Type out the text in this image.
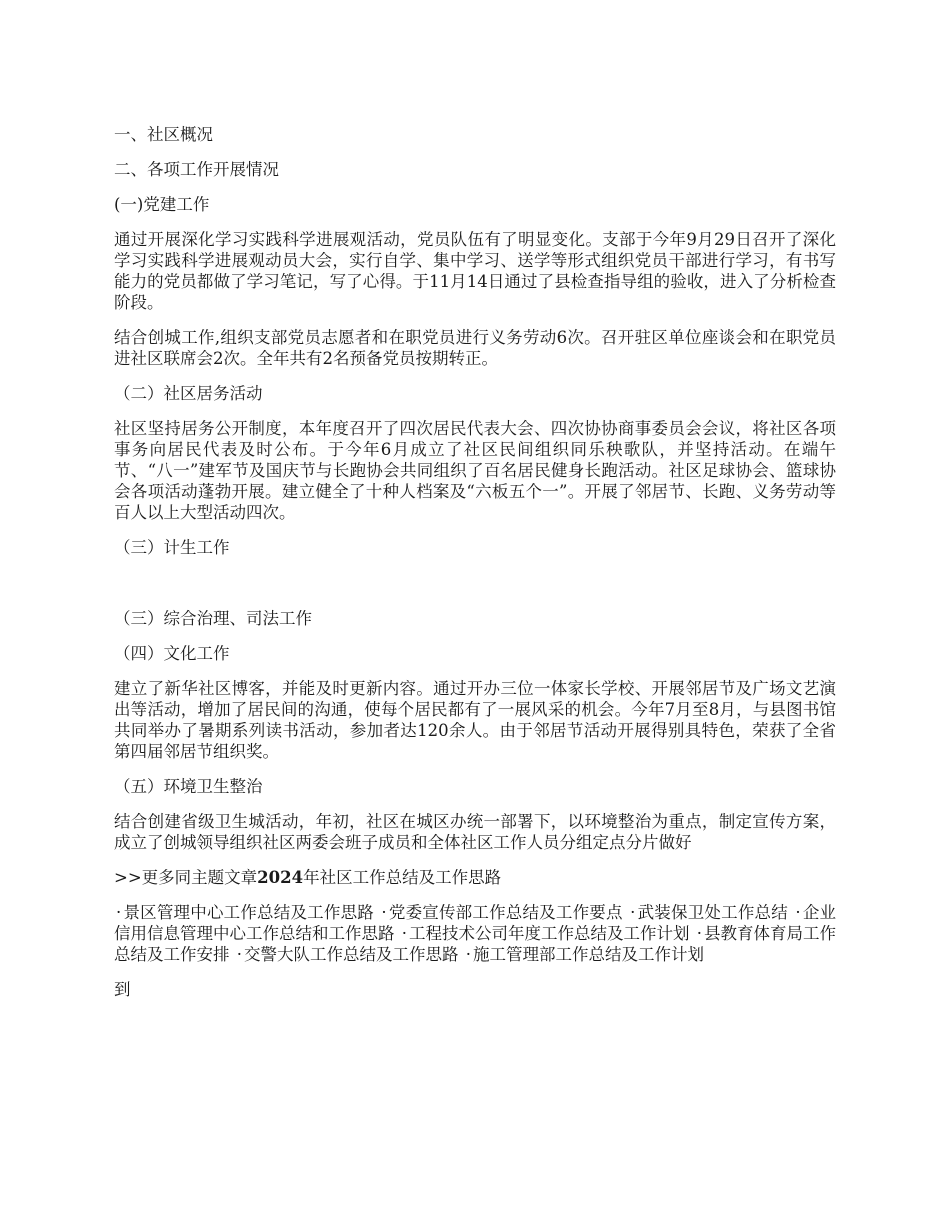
一、社区概况
二、各项工作开展情况
(一)党建工作
通过开展深化学习实践科学进展观活动，党员队伍有了明显变化。支部于今年9月29日召开了深化学习实践科学进展观动员大会，实行自学、集中学习、送学等形式组织党员干部进行学习，有书写能力的党员都做了学习笔记，写了心得。于11月14日通过了县检查指导组的验收，进入了分析检查阶段。
结合创城工作,组织支部党员志愿者和在职党员进行义务劳动6次。召开驻区单位座谈会和在职党员进社区联席会2次。全年共有2名预备党员按期转正。
（二）社区居务活动
社区坚持居务公开制度，本年度召开了四次居民代表大会、四次协协商事委员会会议，将社区各项事务向居民代表及时公布。于今年6月成立了社区民间组织同乐秧歌队，并坚持活动。在端午节、“八一”建军节及国庆节与长跑协会共同组织了百名居民健身长跑活动。社区足球协会、篮球协会各项活动蓬勃开展。建立健全了十种人档案及“六板五个一”。开展了邻居节、长跑、义务劳动等百人以上大型活动四次。
（三）计生工作
（三）综合治理、司法工作
（四）文化工作
建立了新华社区博客，并能及时更新内容。通过开办三位一体家长学校、开展邻居节及广场文艺演出等活动，增加了居民间的沟通，使每个居民都有了一展风采的机会。今年7月至8月，与县图书馆共同举办了暑期系列读书活动，参加者达120余人。由于邻居节活动开展得别具特色，荣获了全省第四届邻居节组织奖。
（五）环境卫生整治
结合创建省级卫生城活动，年初，社区在城区办统一部署下，以环境整治为重点，制定宣传方案，成立了创城领导组织社区两委会班子成员和全体社区工作人员分组定点分片做好
>>更多同主题文章2024年社区工作总结及工作思路
· 景区管理中心工作总结及工作思路 · 党委宣传部工作总结及工作要点 · 武装保卫处工作总结 · 企业信用信息管理中心工作总结和工作思路 · 工程技术公司年度工作总结及工作计划 · 县教育体育局工作总结及工作安排 · 交警大队工作总结及工作思路 · 施工管理部工作总结及工作计划
到
